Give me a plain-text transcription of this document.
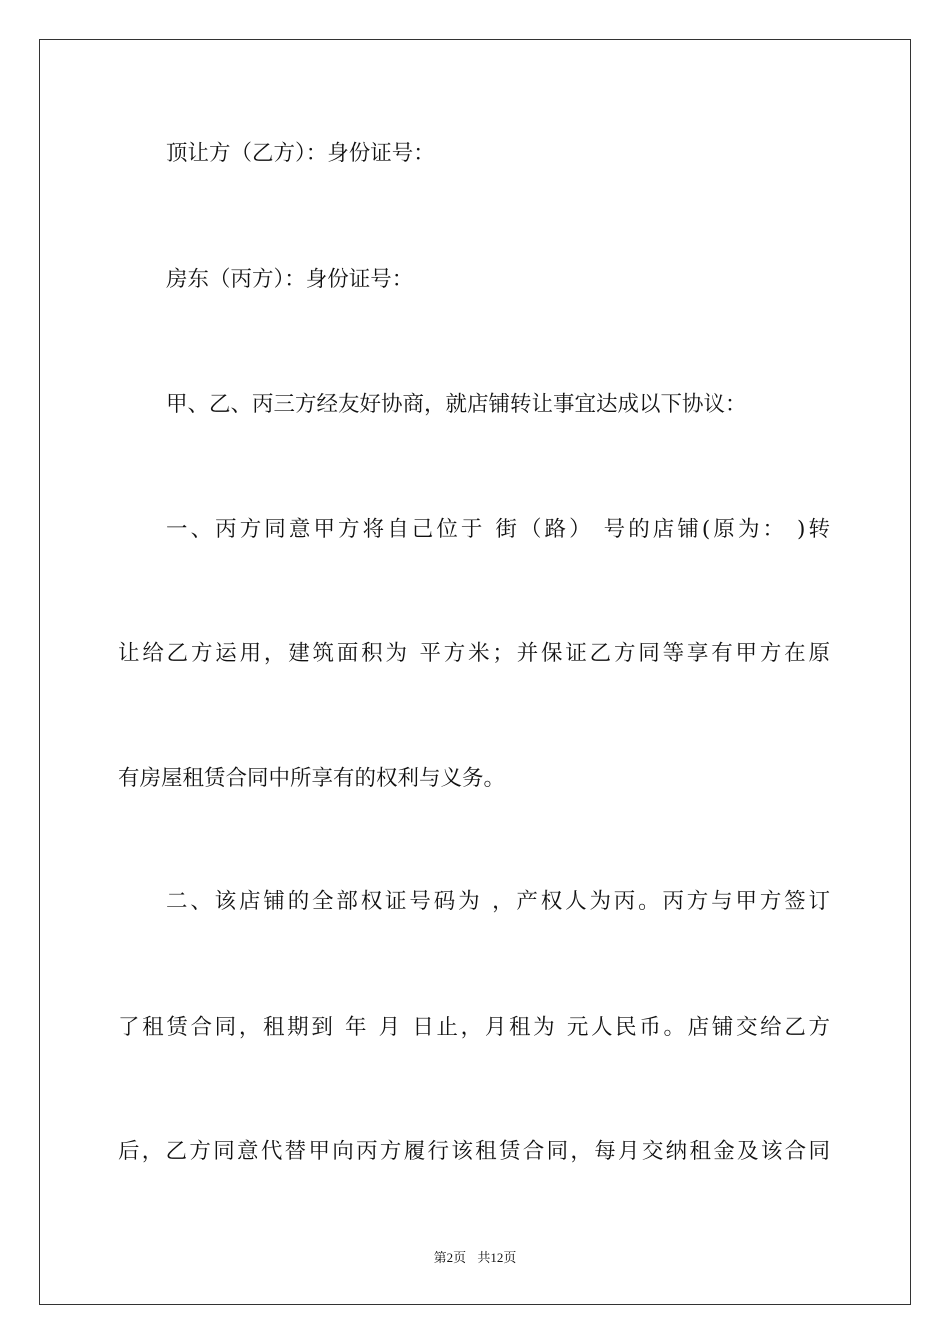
顶让方（乙方）：身份证号：
房东（丙方）：身份证号：
甲、乙、丙三方经友好协商，就店铺转让事宜达成以下协议：
一、丙方同意甲方将自己位于 街（路） 号的店铺(原为： )转
让给乙方运用，建筑面积为 平方米；并保证乙方同等享有甲方在原
有房屋租赁合同中所享有的权利与义务。
二、该店铺的全部权证号码为 ，产权人为丙。丙方与甲方签订
了租赁合同，租期到 年 月 日止，月租为 元人民币。店铺交给乙方
后，乙方同意代替甲向丙方履行该租赁合同，每月交纳租金及该合同
第2页 共12页
